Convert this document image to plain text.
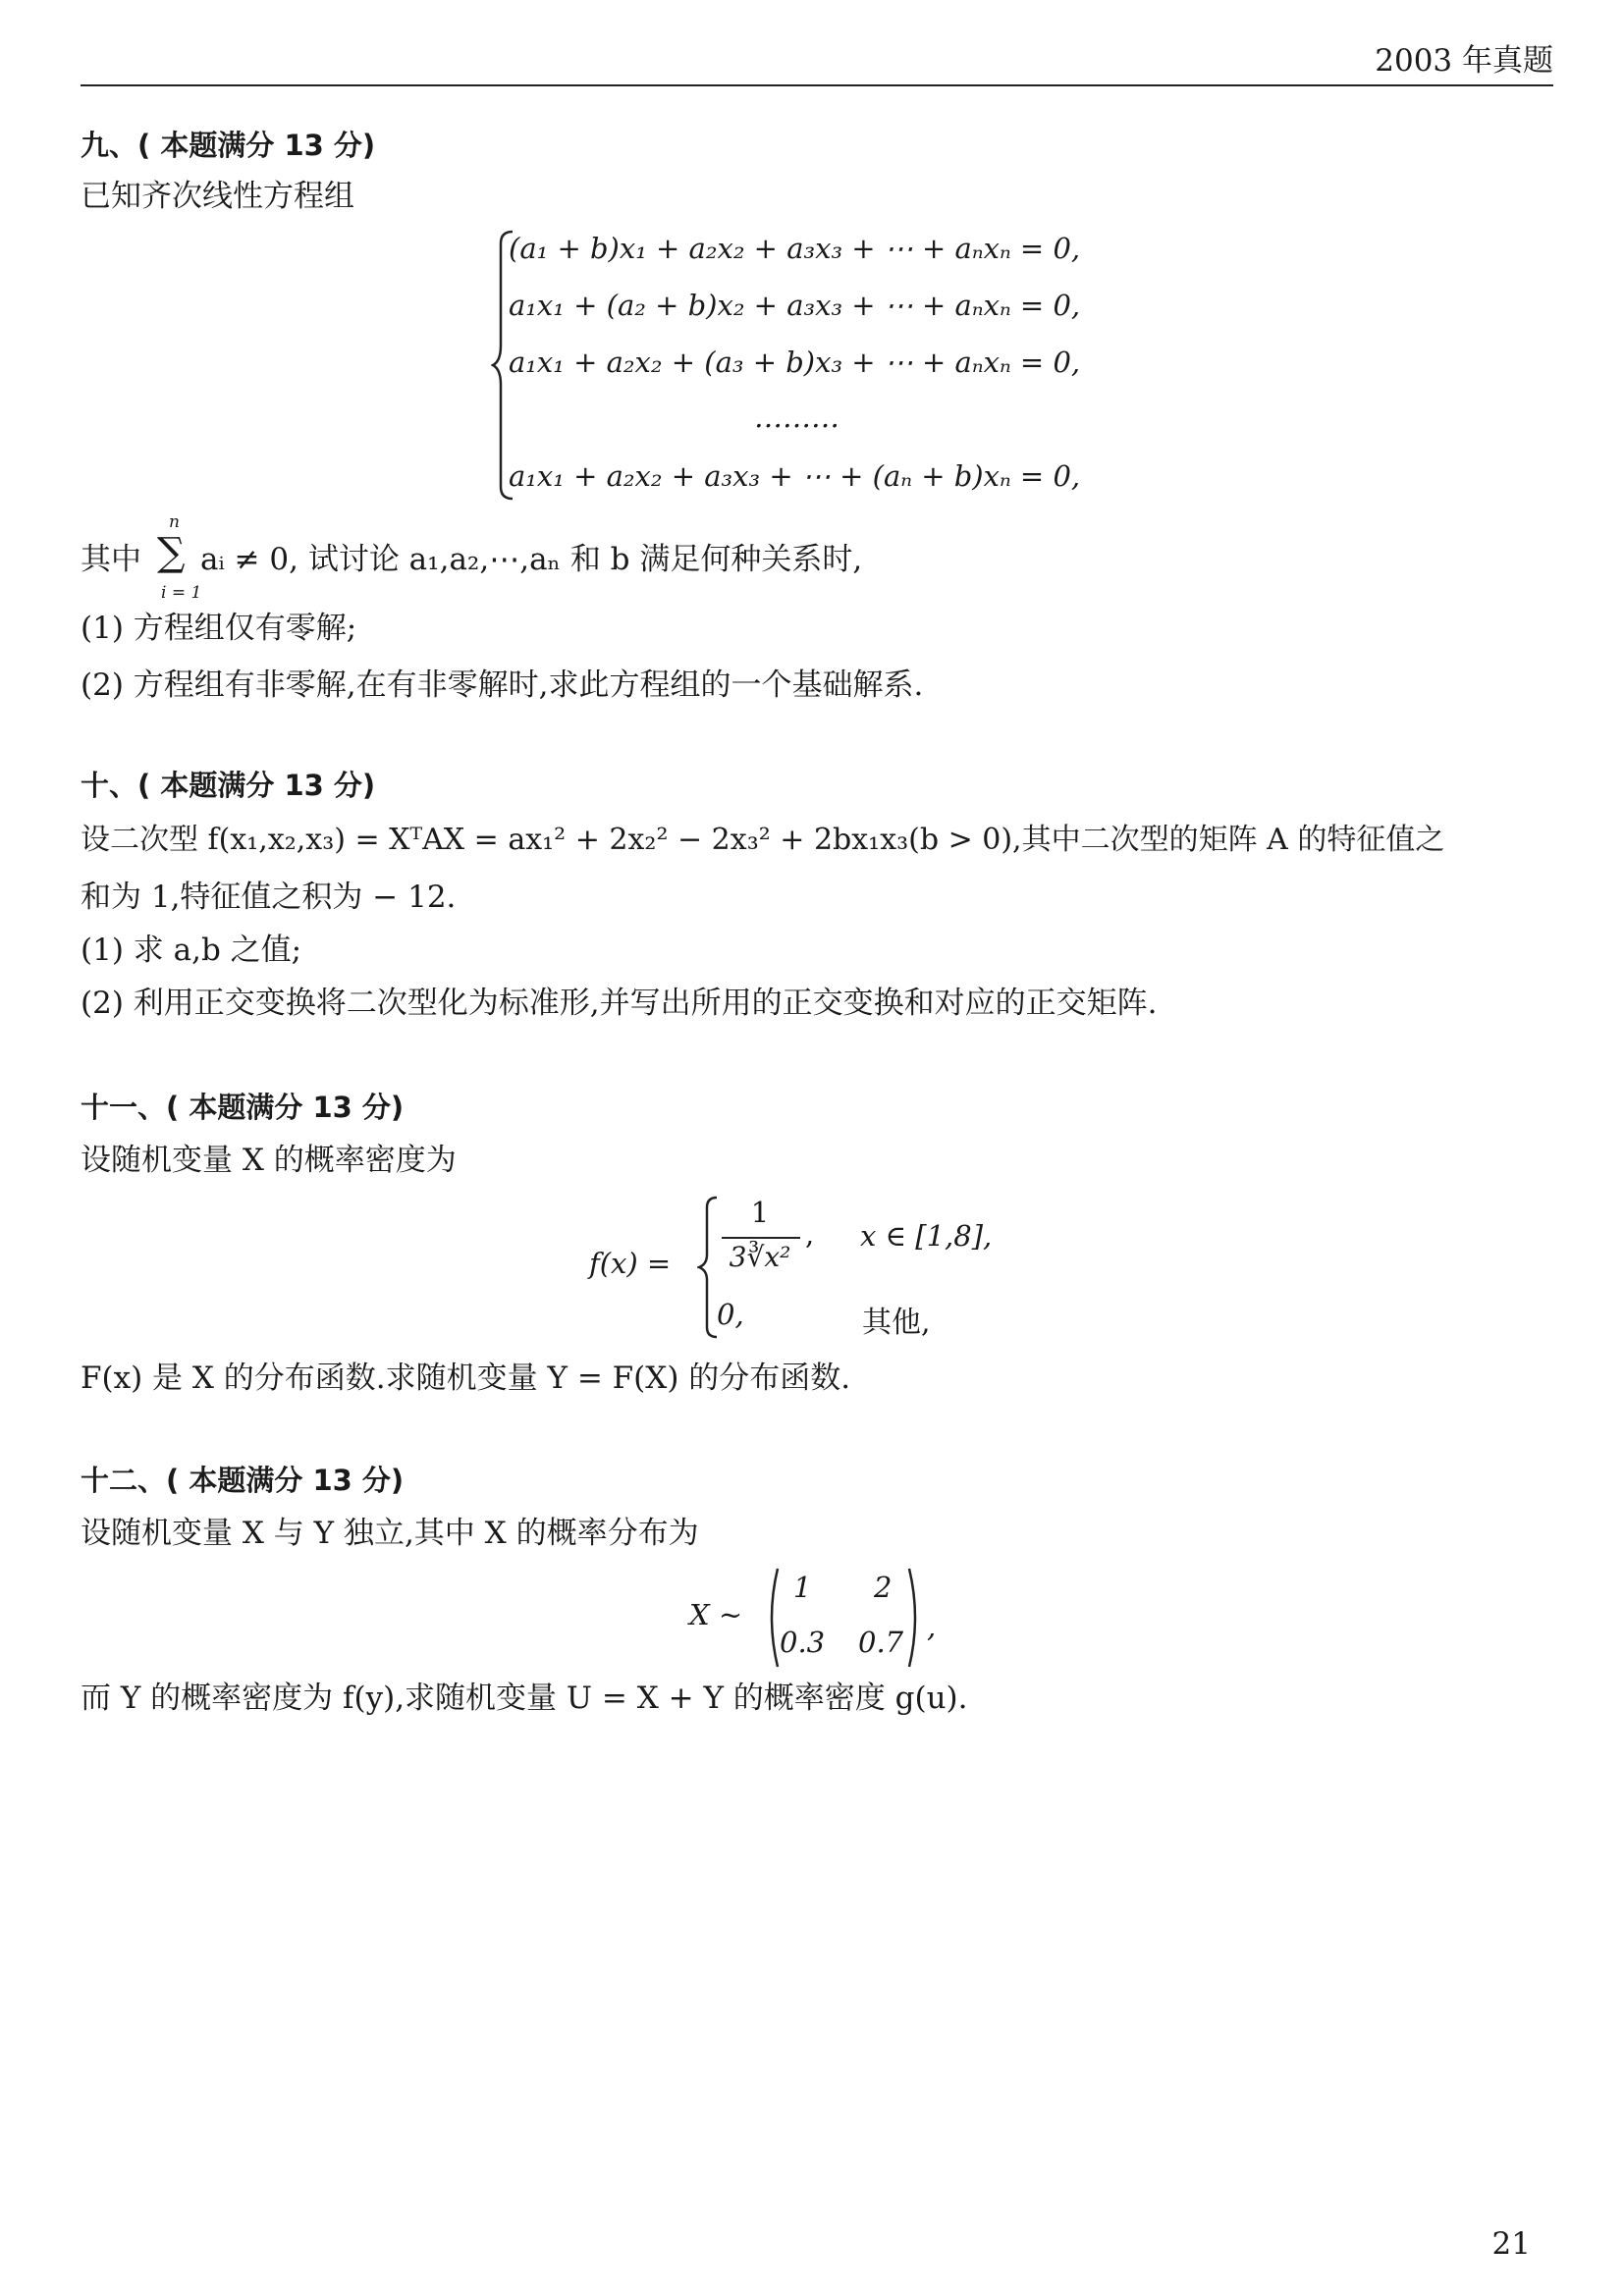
2003 年真题
九、( 本题满分 13 分)
已知齐次线性方程组
(a₁ + b)x₁ + a₂x₂ + a₃x₃ + ⋯ + aₙxₙ = 0,
a₁x₁ + (a₂ + b)x₂ + a₃x₃ + ⋯ + aₙxₙ = 0,
a₁x₁ + a₂x₂ + (a₃ + b)x₃ + ⋯ + aₙxₙ = 0,
………
a₁x₁ + a₂x₂ + a₃x₃ + ⋯ + (aₙ + b)xₙ = 0,
其中
n
∑
i = 1
aᵢ ≠ 0, 试讨论 a₁,a₂,⋯,aₙ 和 b 满足何种关系时,
(1) 方程组仅有零解;
(2) 方程组有非零解,在有非零解时,求此方程组的一个基础解系.
十、( 本题满分 13 分)
设二次型 f(x₁,x₂,x₃) = XᵀAX = ax₁² + 2x₂² − 2x₃² + 2bx₁x₃(b > 0),其中二次型的矩阵 A 的特征值之
和为 1,特征值之积为 − 12.
(1) 求 a,b 之值;
(2) 利用正交变换将二次型化为标准形,并写出所用的正交变换和对应的正交矩阵.
十一、( 本题满分 13 分)
设随机变量 X 的概率密度为
f(x) =
1
3∛x²
, x ∈ [1,8],
0,	其他,
F(x) 是 X 的分布函数.求随机变量 Y = F(X) 的分布函数.
十二、( 本题满分 13 分)
设随机变量 X 与 Y 独立,其中 X 的概率分布为
X ~
1 2
0.3 0.7 ,
而 Y 的概率密度为 f(y),求随机变量 U = X + Y 的概率密度 g(u).
21
